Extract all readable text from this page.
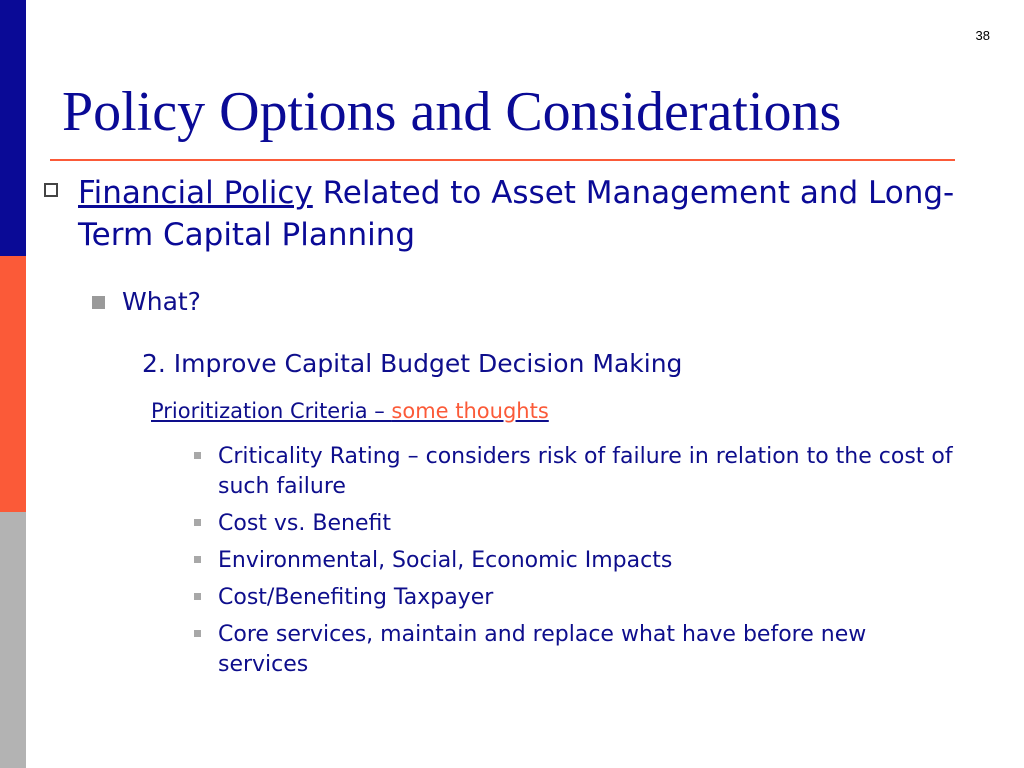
38
Policy Options and Considerations
Financial Policy Related to Asset Management and Long-Term Capital Planning
What?
2. Improve Capital Budget Decision Making
Prioritization Criteria – some thoughts
Criticality Rating – considers risk of failure in relation to the cost of such failure
Cost vs. Benefit
Environmental, Social, Economic Impacts
Cost/Benefiting Taxpayer
Core services, maintain and replace what have before new services
